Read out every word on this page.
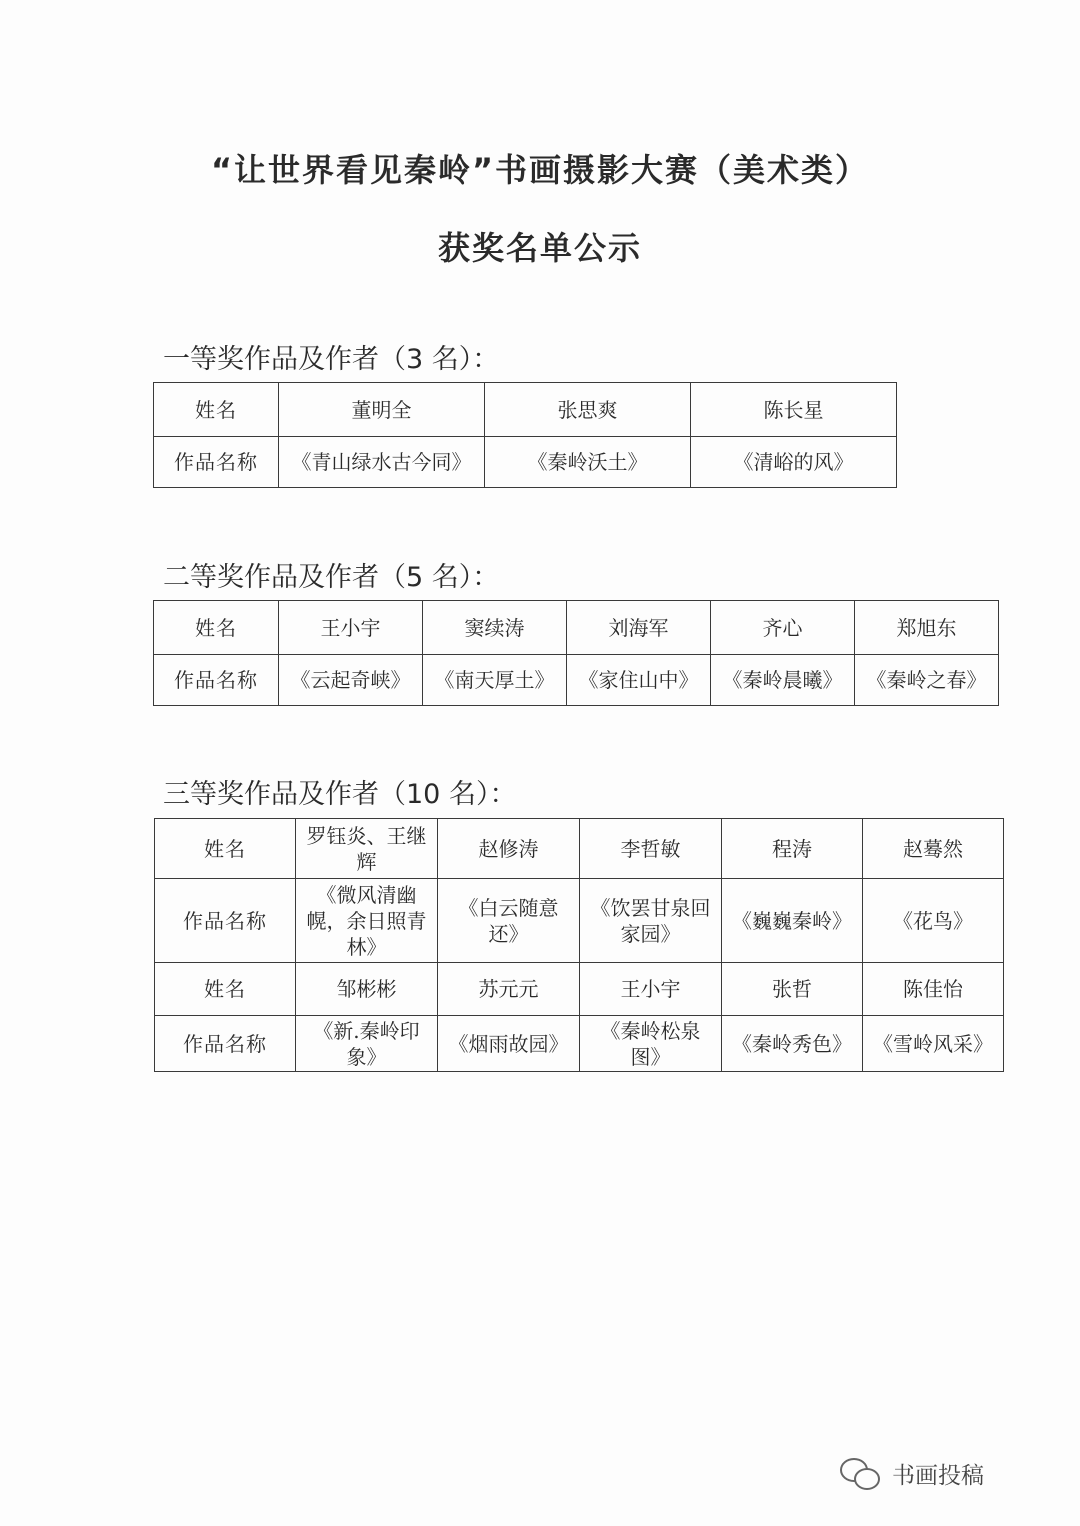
“让世界看见秦岭”书画摄影大赛（美术类）
获奖名单公示
一等奖作品及作者（3 名）：
姓名	董明全	张思爽	陈长星
作品名称	《青山绿水古今同》	《秦岭沃土》	《清峪的风》
二等奖作品及作者（5 名）：
姓名	王小宇	窦续涛	刘海军	齐心	郑旭东
作品名称	《云起奇峡》	《南天厚土》	《家住山中》	《秦岭晨曦》	《秦岭之春》
三等奖作品及作者（10 名）：
姓名	罗钰炎、王继辉	赵修涛	李哲敏	程涛	赵蓦然
作品名称	《微风清幽幌，余日照青林》	《白云随意还》	《饮罢甘泉回家园》	《巍巍秦岭》	《花鸟》
姓名	邹彬彬	苏元元	王小宇	张哲	陈佳怡
作品名称	《新.秦岭印象》	《烟雨故园》	《秦岭松泉图》	《秦岭秀色》	《雪岭风采》
书画投稿
